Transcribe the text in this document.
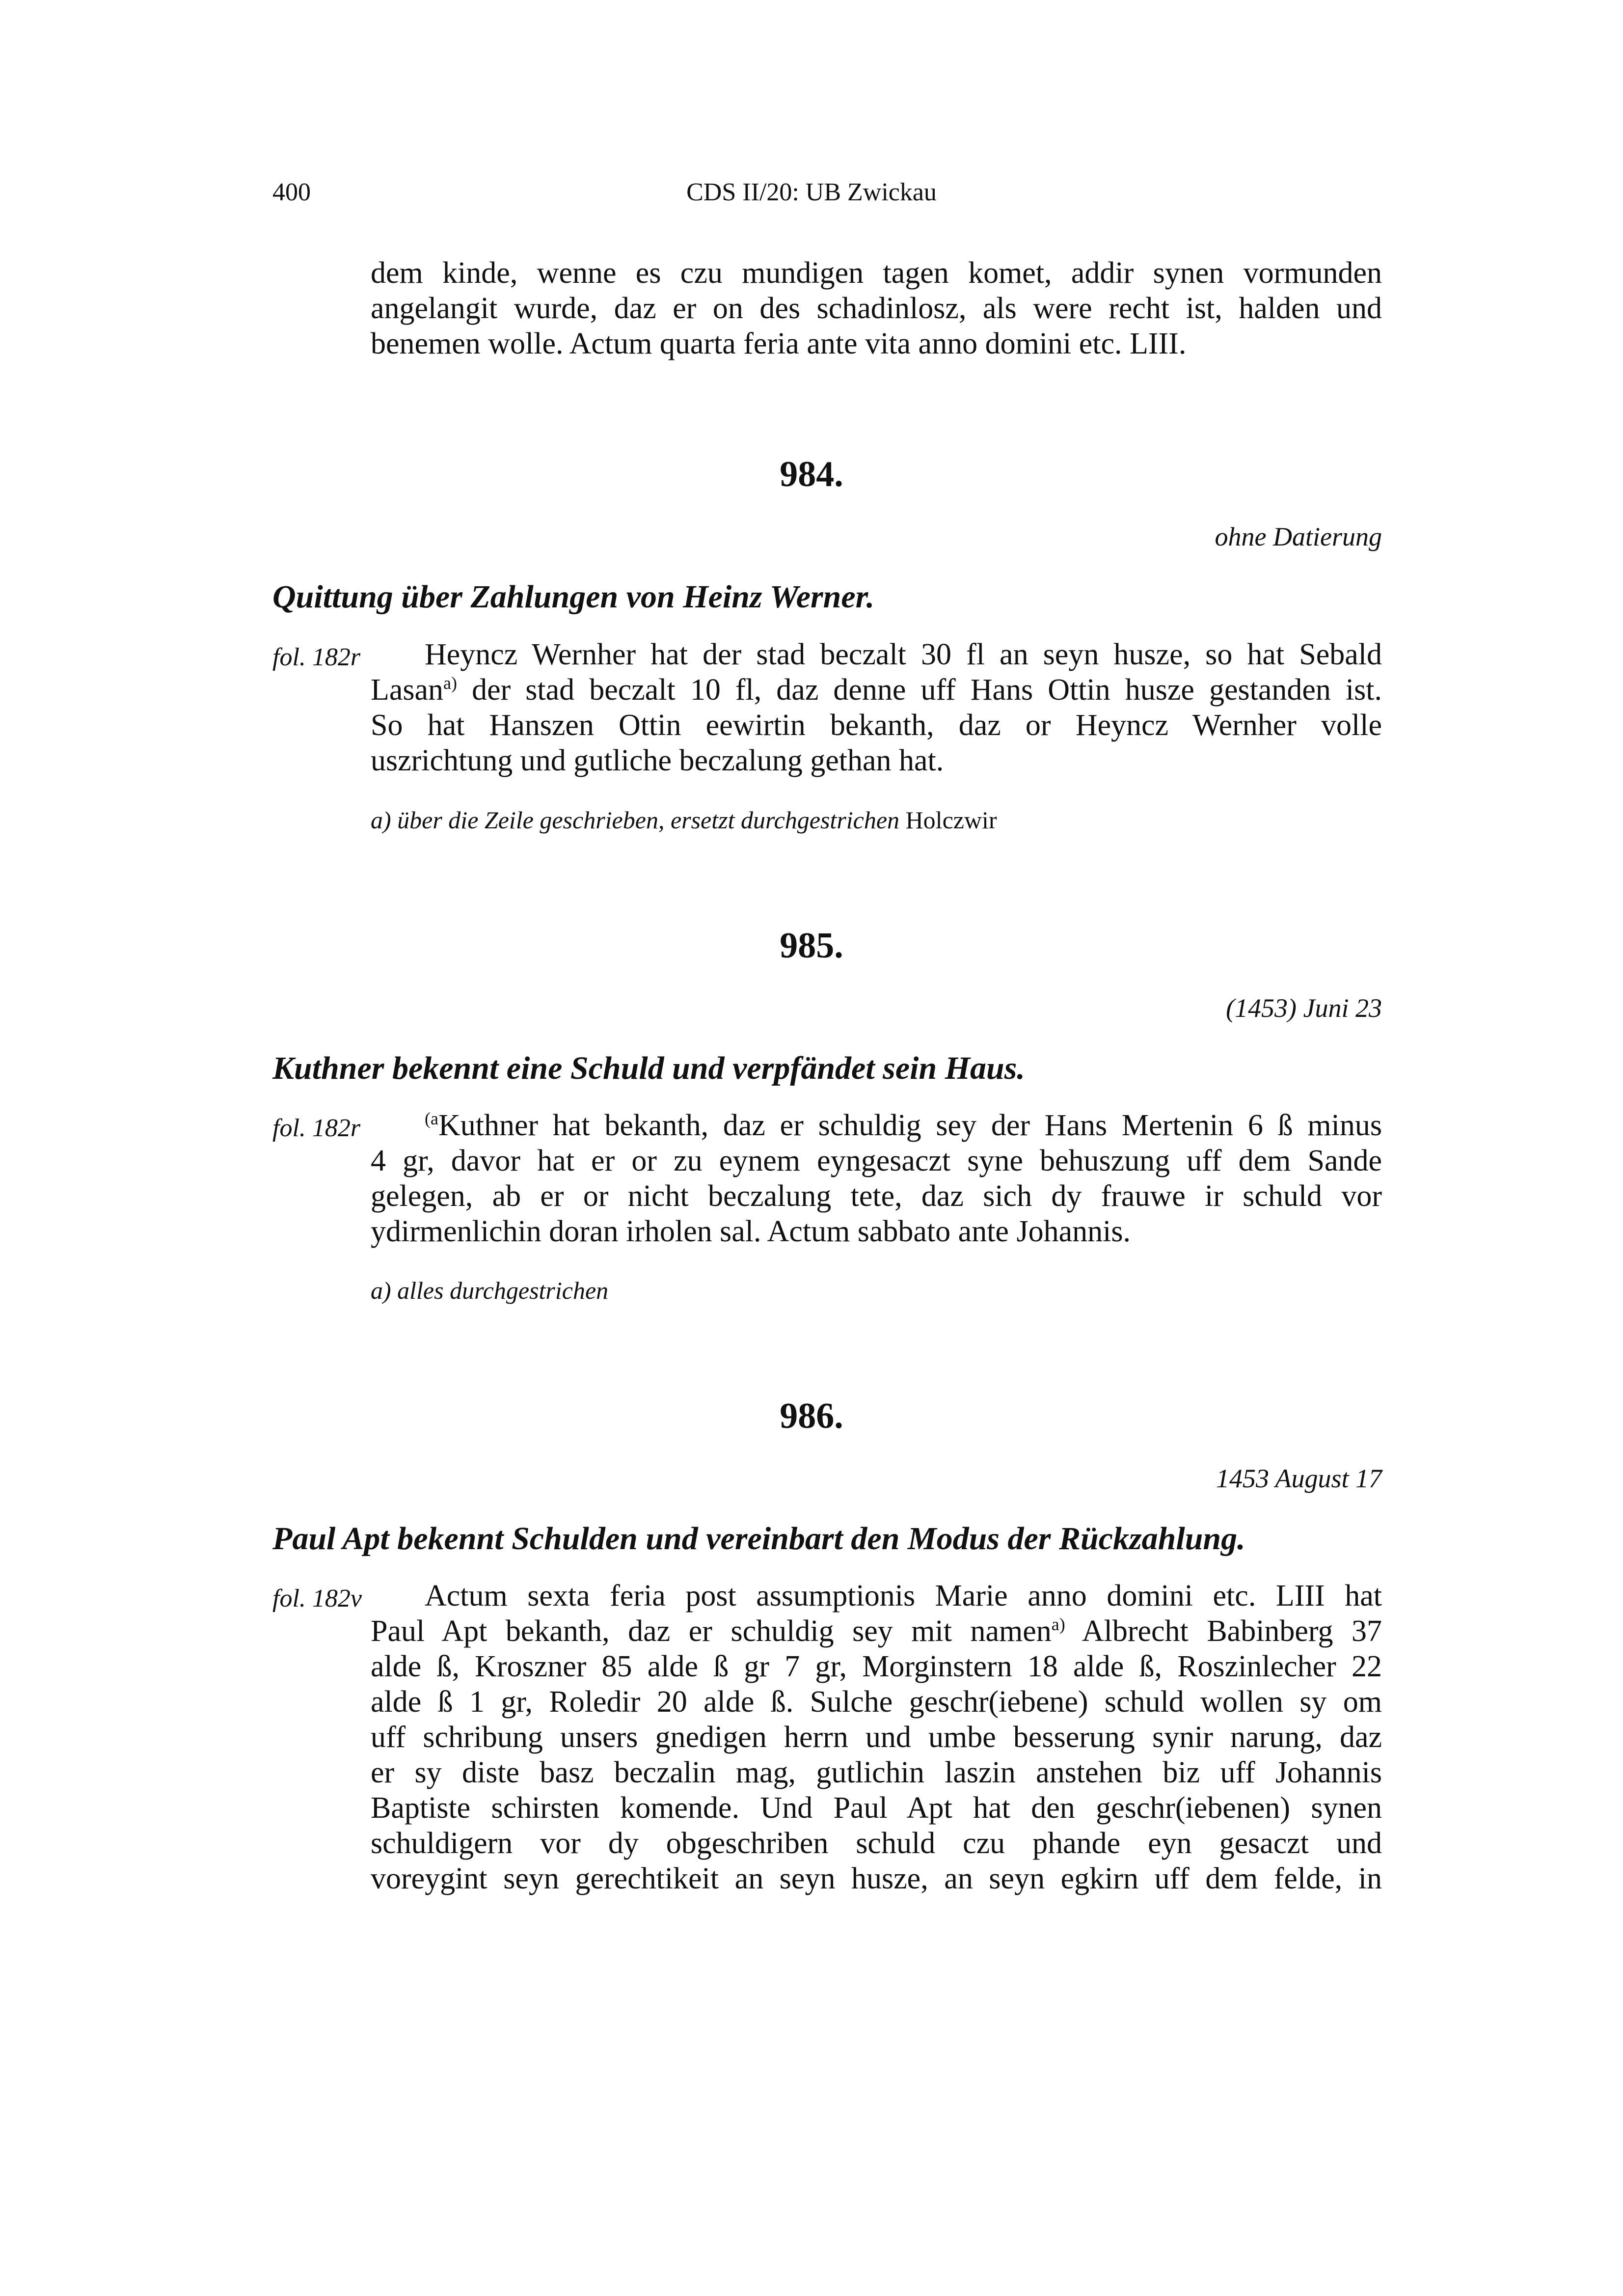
400	CDS II/20: UB Zwickau
dem kinde, wenne es czu mundigen tagen komet, addir synen vormunden
angelangit wurde, daz er on des schadinlosz, als were recht ist, halden und
benemen wolle. Actum quarta feria ante vita anno domini etc. LIII.
984.
ohne Datierung
Quittung über Zahlungen von Heinz Werner.
fol. 182r	Heyncz Wernher hat der stad beczalt 30 fl an seyn husze, so hat Sebald
Lasan$^{a)}$ der stad beczalt 10 fl, daz denne uff Hans Ottin husze gestanden ist.
So hat Hanszen Ottin eewirtin bekanth, daz or Heyncz Wernher volle
uszrichtung und gutliche beczalung gethan hat.
a) über die Zeile geschrieben, ersetzt durchgestrichen Holczwir
985.
(1453) Juni 23
Kuthner bekennt eine Schuld und verpfändet sein Haus.
fol. 182r	$^{(a}$Kuthner hat bekanth, daz er schuldig sey der Hans Mertenin 6 ß minus
4 gr, davor hat er or zu eynem eyngesaczt syne behuszung uff dem Sande
gelegen, ab er or nicht beczalung tete, daz sich dy frauwe ir schuld vor
ydirmenlichin doran irholen sal. Actum sabbato ante Johannis.
a) alles durchgestrichen
986.
1453 August 17
Paul Apt bekennt Schulden und vereinbart den Modus der Rückzahlung.
fol. 182v	Actum sexta feria post assumptionis Marie anno domini etc. LIII hat
Paul Apt bekanth, daz er schuldig sey mit namen$^{a)}$ Albrecht Babinberg 37
alde ß, Kroszner 85 alde ß gr 7 gr, Morginstern 18 alde ß, Roszinlecher 22
alde ß 1 gr, Roledir 20 alde ß. Sulche geschr(iebene) schuld wollen sy om
uff schribung unsers gnedigen herrn und umbe besserung synir narung, daz
er sy diste basz beczalin mag, gutlichin laszin anstehen biz uff Johannis
Baptiste schirsten komende. Und Paul Apt hat den geschr(iebenen) synen
schuldigern vor dy obgeschriben schuld czu phande eyn gesaczt und
voreygint seyn gerechtikeit an seyn husze, an seyn egkirn uff dem felde, in
